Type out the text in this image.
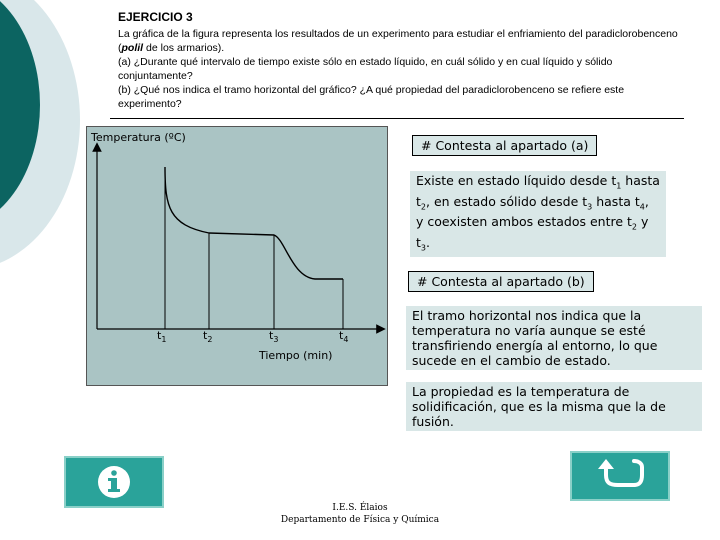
EJERCICIO 3

La gráfica de la figura representa los resultados de un experimento para estudiar el enfriamiento del paradiclorobenceno (polil de los armarios).

(a) ¿Durante qué intervalo de tiempo existe sólo en estado líquido, en cuál sólido y en cual líquido y sólido conjuntamente?

(b) ¿Qué nos indica el tramo horizontal del gráfico? ¿A qué propiedad del paradiclorobenceno se refiere este experimento?

Temperatura (ºC)
$t_1$	$t_2$	$t_3$	$t_4$
Tiempo (min)
# Contesta al apartado (a)
Existe en estado líquido desde $t_1$ hasta $t_2$, en estado sólido desde $t_3$ hasta $t_4$, y coexisten ambos estados entre $t_2$ y $t_3$.
# Contesta al apartado (b)
El tramo horizontal nos indica que la temperatura no varía aunque se esté transfiriendo energía al entorno, lo que sucede en el cambio de estado.
La propiedad es la temperatura de solidificación, que es la misma que la de fusión.
I.E.S. Élaios
Departamento de Física y Química
